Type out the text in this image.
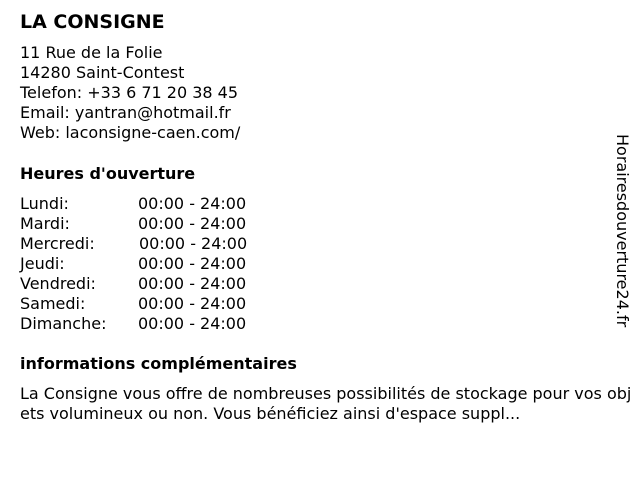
LA CONSIGNE
11 Rue de la Folie
14280 Saint-Contest
Telefon: +33 6 71 20 38 45
Email: yantran@hotmail.fr
Web: laconsigne-caen.com/
Heures d'ouverture
Lundi:	00:00 - 24:00
Mardi:	00:00 - 24:00
Mercredi:	00:00 - 24:00
Jeudi:	00:00 - 24:00
Vendredi:	00:00 - 24:00
Samedi:	00:00 - 24:00
Dimanche: 00:00 - 24:00
informations complémentaires
La Consigne vous offre de nombreuses possibilités de stockage pour vos objets volumineux ou non. Vous bénéficiez ainsi d'espace suppl...
Horairesdouverture24.fr
